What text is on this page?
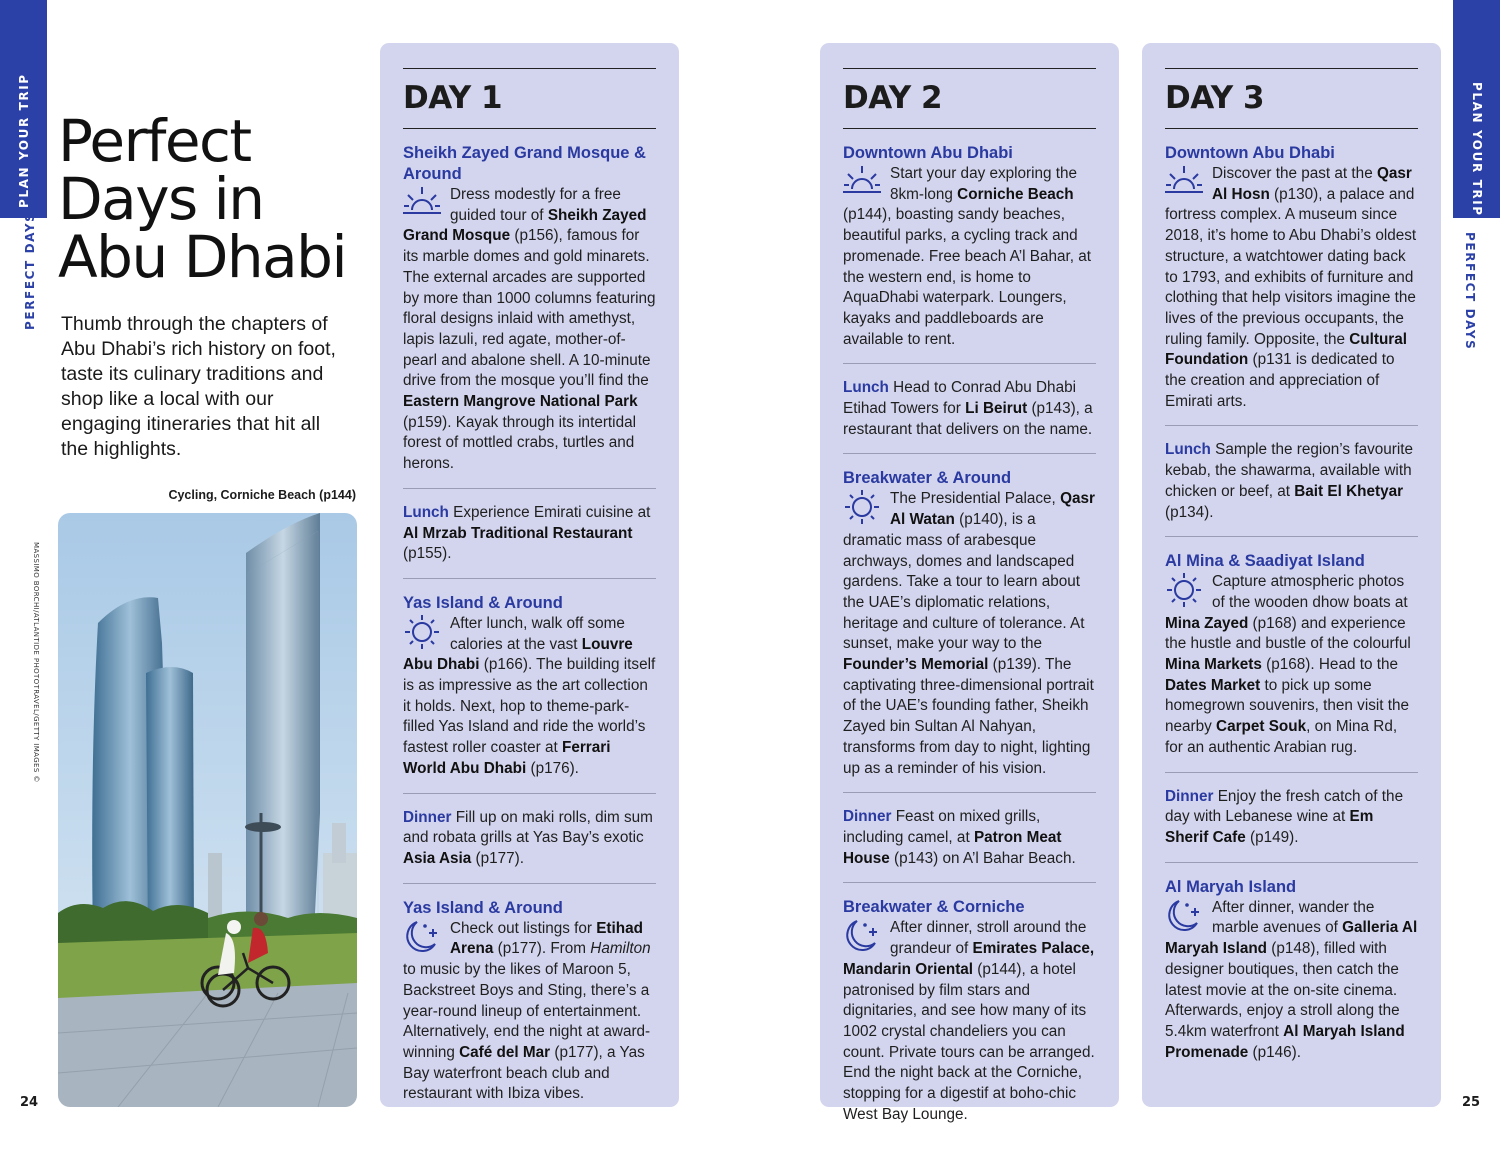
PLAN YOUR TRIP
PERFECT DAYS
24
Perfect
Days in
Abu Dhabi

Thumb through the chapters of Abu Dhabi’s rich history on foot, taste its culinary traditions and shop like a local with our engaging itineraries that hit all the highlights.

Cycling, Corniche Beach (p144)
MASSIMO BORCHI/ATLANTIDE PHOTOTRAVEL/GETTY IMAGES ©
PLAN YOUR TRIP
PERFECT DAYS
25
DAY 1
Sheikh Zayed Grand Mosque & Around
Dress modestly for a free guided tour of Sheikh Zayed Grand Mosque (p156), famous for its marble domes and gold minarets. The external arcades are supported by more than 1000 columns featuring floral designs inlaid with amethyst, lapis lazuli, red agate, mother-of-pearl and abalone shell. A 10-minute drive from the mosque you’ll find the Eastern Mangrove National Park (p159). Kayak through its intertidal forest of mottled crabs, turtles and herons.
Lunch Experience Emirati cuisine at Al Mrzab Traditional Restaurant (p155).
Yas Island & Around
After lunch, walk off some calories at the vast Louvre Abu Dhabi (p166). The building itself is as impressive as the art collection it holds. Next, hop to theme-park-filled Yas Island and ride the world’s fastest roller coaster at Ferrari World Abu Dhabi (p176).
Dinner Fill up on maki rolls, dim sum and robata grills at Yas Bay’s exotic Asia Asia (p177).
Yas Island & Around
Check out listings for Etihad Arena (p177). From Hamilton to music by the likes of Maroon 5, Backstreet Boys and Sting, there’s a year-round lineup of entertainment. Alternatively, end the night at award-winning Café del Mar (p177), a Yas Bay waterfront beach club and restaurant with Ibiza vibes.
DAY 2
Downtown Abu Dhabi
Start your day exploring the 8km-long Corniche Beach (p144), boasting sandy beaches, beautiful parks, a cycling track and promenade. Free beach A’l Bahar, at the western end, is home to AquaDhabi waterpark. Loungers, kayaks and paddleboards are available to rent.
Lunch Head to Conrad Abu Dhabi Etihad Towers for Li Beirut (p143), a restaurant that delivers on the name.
Breakwater & Around
The Presidential Palace, Qasr Al Watan (p140), is a dramatic mass of arabesque archways, domes and landscaped gardens. Take a tour to learn about the UAE’s diplomatic relations, heritage and culture of tolerance. At sunset, make your way to the Founder’s Memorial (p139). The captivating three-dimensional portrait of the UAE’s founding father, Sheikh Zayed bin Sultan Al Nahyan, transforms from day to night, lighting up as a reminder of his vision.
Dinner Feast on mixed grills, including camel, at Patron Meat House (p143) on A’l Bahar Beach.
Breakwater & Corniche
After dinner, stroll around the grandeur of Emirates Palace, Mandarin Oriental (p144), a hotel patronised by film stars and dignitaries, and see how many of its 1002 crystal chandeliers you can count. Private tours can be arranged. End the night back at the Corniche, stopping for a digestif at boho-chic West Bay Lounge.
DAY 3
Downtown Abu Dhabi
Discover the past at the Qasr Al Hosn (p130), a palace and fortress complex. A museum since 2018, it’s home to Abu Dhabi’s oldest structure, a watchtower dating back to 1793, and exhibits of furniture and clothing that help visitors imagine the lives of the previous occupants, the ruling family. Opposite, the Cultural Foundation (p131 is dedicated to the creation and appreciation of Emirati arts.
Lunch Sample the region’s favourite kebab, the shawarma, available with chicken or beef, at Bait El Khetyar (p134).
Al Mina & Saadiyat Island
Capture atmospheric photos of the wooden dhow boats at Mina Zayed (p168) and experience the hustle and bustle of the colourful Mina Markets (p168). Head to the Dates Market to pick up some homegrown souvenirs, then visit the nearby Carpet Souk, on Mina Rd, for an authentic Arabian rug.
Dinner Enjoy the fresh catch of the day with Lebanese wine at Em Sherif Cafe (p149).
Al Maryah Island
After dinner, wander the marble avenues of Galleria Al Maryah Island (p148), filled with designer boutiques, then catch the latest movie at the on-site cinema. Afterwards, enjoy a stroll along the 5.4km waterfront Al Maryah Island Promenade (p146).
